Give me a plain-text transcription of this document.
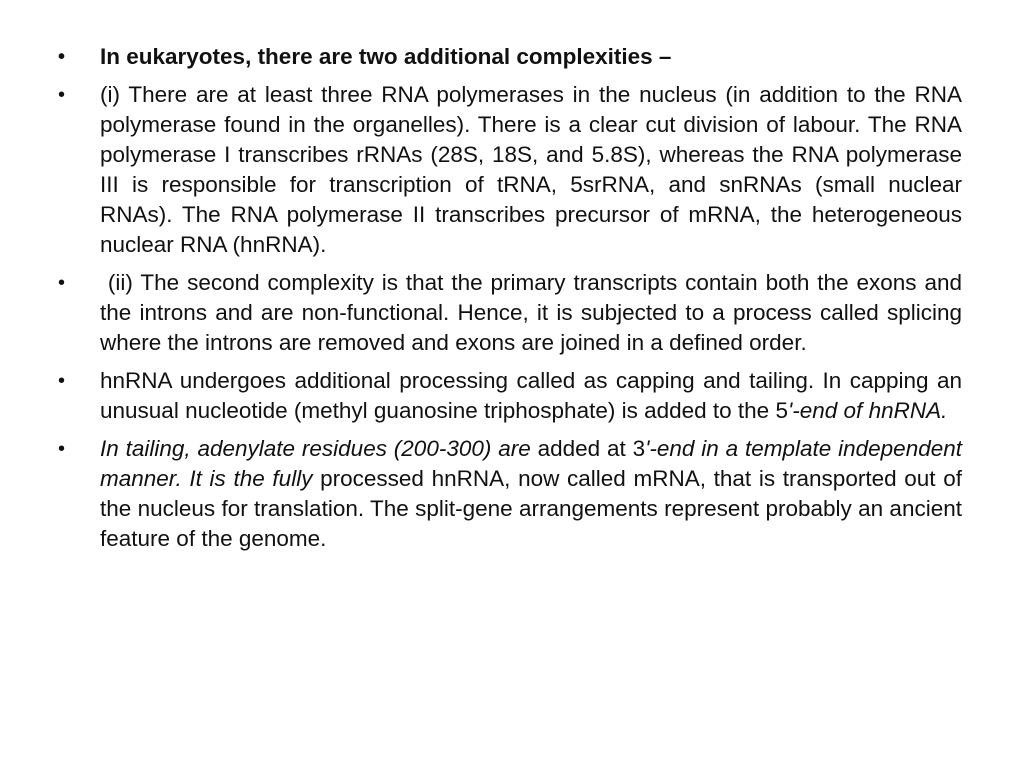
•	In eukaryotes, there are two additional complexities –
•	(i) There are at least three RNA polymerases in the nucleus (in addition to the RNA polymerase found in the organelles). There is a clear cut division of labour. The RNA polymerase I transcribes rRNAs (28S, 18S, and 5.8S), whereas the RNA polymerase III is responsible for transcription of tRNA, 5srRNA, and snRNAs (small nuclear RNAs). The RNA polymerase II transcribes precursor of mRNA, the heterogeneous nuclear RNA (hnRNA).
•	(ii) The second complexity is that the primary transcripts contain both the exons and the introns and are non-functional. Hence, it is subjected to a process called splicing where the introns are removed and exons are joined in a defined order.
•	hnRNA undergoes additional processing called as capping and tailing. In capping an unusual nucleotide (methyl guanosine triphosphate) is added to the 5'-end of hnRNA.
•	In tailing, adenylate residues (200-300) are added at 3'-end in a template independent manner. It is the fully processed hnRNA, now called mRNA, that is transported out of the nucleus for translation. The split-gene arrangements represent probably an ancient feature of the genome.
